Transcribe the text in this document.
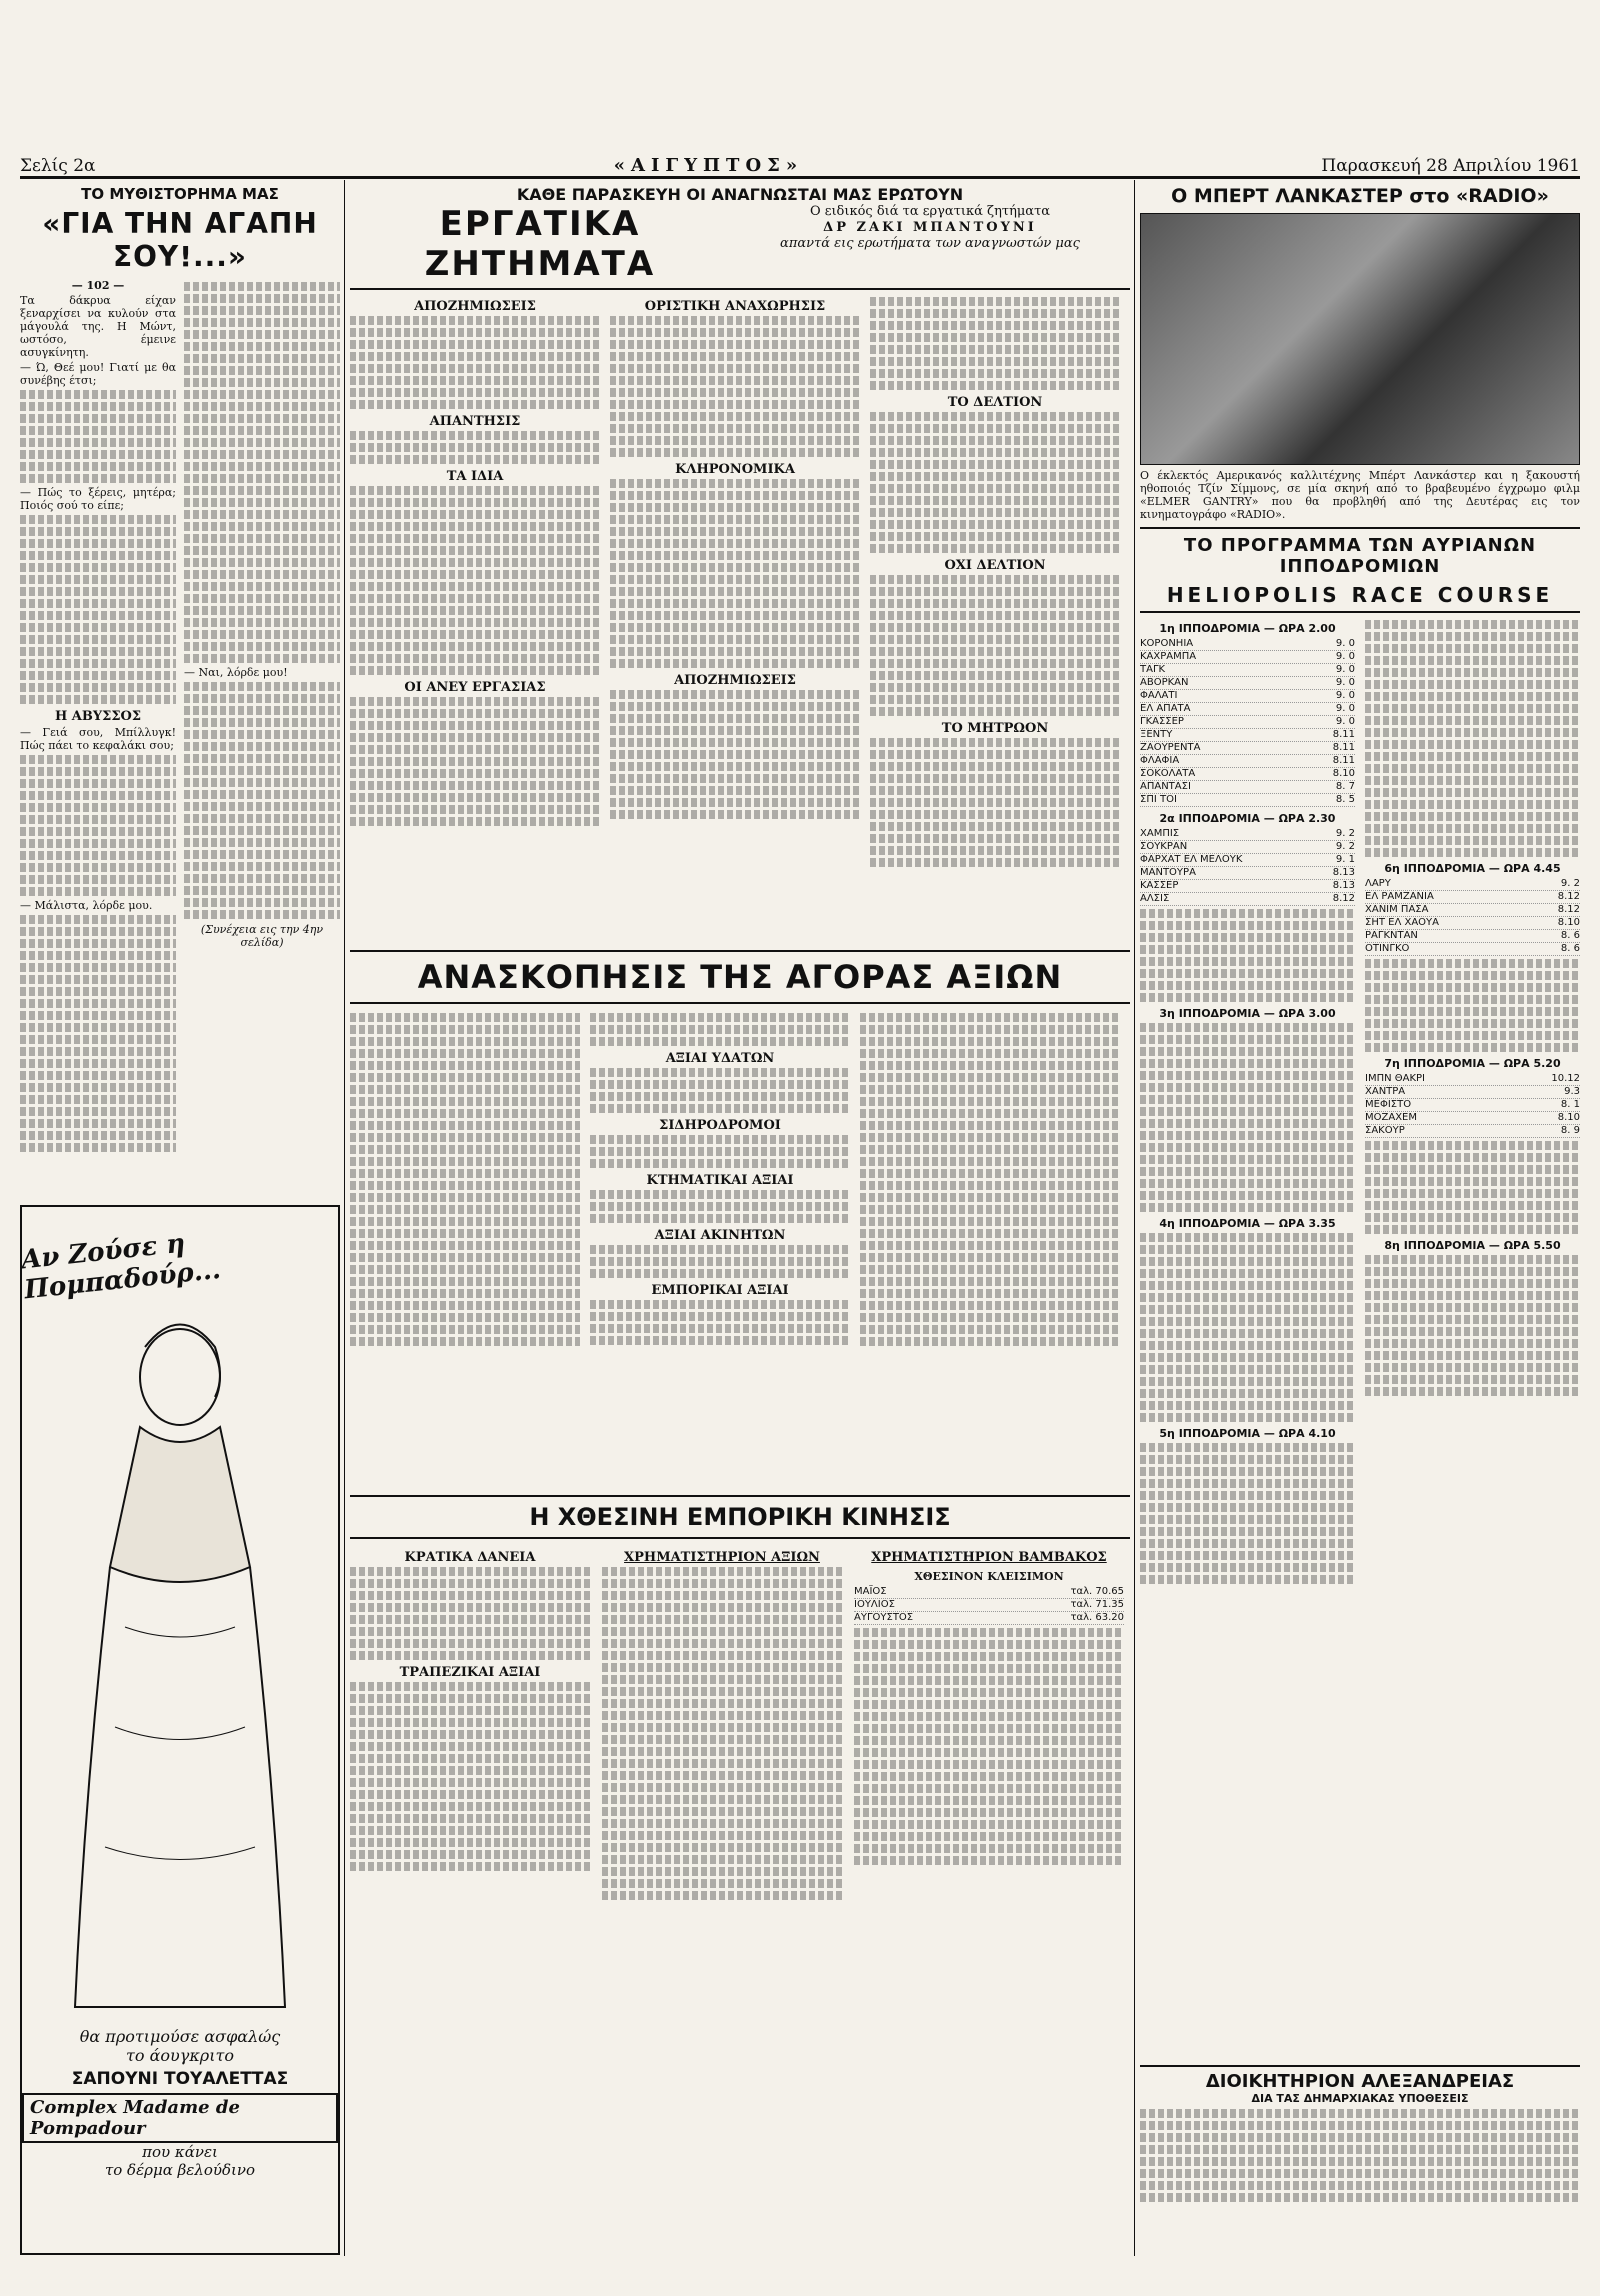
Σελίς 2α	«ΑΙΓΥΠΤΟΣ»	Παρασκευή 28 Απριλίου 1961
ΤΟ ΜΥΘΙΣΤΟΡΗΜΑ ΜΑΣ
«ΓΙΑ ΤΗΝ ΑΓΑΠΗ ΣΟΥ!...»
— 102 —

Τα δάκρυα είχαν ξεναρχίσει να κυλούν στα μάγουλά της. Η Μώντ, ωστόσο, έμεινε ασυγκίνητη.

— Ώ, Θεέ μου! Γιατί με θα συνέβης έτσι;

— Πώς το ξέρεις, μητέρα; Ποιός σού το είπε;

Η ΑΒΥΣΣΟΣ

— Γειά σου, Μπίλλυγκ! Πώς πάει το κεφαλάκι σου;

— Μάλιστα, λόρδε μου.

— Ναι, λόρδε μου!

(Συνέχεια εις την 4ην σελίδα)

Αν Ζούσε η Πομπαδούρ...
θα προτιμούσε ασφαλώς
το άουγκριτο
ΣΑΠΟΥΝΙ ΤΟΥΑΛΕΤΤΑΣ
Complex Madame de Pompadour
που κάνει
το δέρμα βελούδινο
ΚΑΘΕ ΠΑΡΑΣΚΕΥΗ ΟΙ ΑΝΑΓΝΩΣΤΑΙ ΜΑΣ ΕΡΩΤΟΥΝ
ΕΡΓΑΤΙΚΑ ΖΗΤΗΜΑΤΑ
Ο ειδικός διά τα εργατικά ζητήματα
ΔΡ ΖΑΚΙ ΜΠΑΝΤΟΥΝΙ
απαντά εις ερωτήματα των αναγνωστών μας
ΑΠΟΖΗΜΙΩΣΕΙΣ
ΑΠΑΝΤΗΣΙΣ
ΤΑ ΙΔΙΑ
ΟΙ ΑΝΕΥ ΕΡΓΑΣΙΑΣ
ΟΡΙΣΤΙΚΗ ΑΝΑΧΩΡΗΣΙΣ
ΚΛΗΡΟΝΟΜΙΚΑ
ΑΠΟΖΗΜΙΩΣΕΙΣ
ΤΟ ΔΕΛΤΙΟΝ
ΟΧΙ ΔΕΛΤΙΟΝ
ΤΟ ΜΗΤΡΩΟΝ
ΑΝΑΣΚΟΠΗΣΙΣ ΤΗΣ ΑΓΟΡΑΣ ΑΞΙΩΝ
ΑΞΙΑΙ ΥΔΑΤΩΝ
ΣΙΔΗΡΟΔΡΟΜΟΙ
ΚΤΗΜΑΤΙΚΑΙ ΑΞΙΑΙ
ΑΞΙΑΙ ΑΚΙΝΗΤΩΝ
ΕΜΠΟΡΙΚΑΙ ΑΞΙΑΙ
Η ΧΘΕΣΙΝΗ ΕΜΠΟΡΙΚΗ ΚΙΝΗΣΙΣ
ΚΡΑΤΙΚΑ ΔΑΝΕΙΑ
ΤΡΑΠΕΖΙΚΑΙ ΑΞΙΑΙ
ΧΡΗΜΑΤΙΣΤΗΡΙΟΝ ΑΞΙΩΝ	ΧΡΗΜΑΤΙΣΤΗΡΙΟΝ ΒΑΜΒΑΚΟΣ
ΧΘΕΣΙΝΟΝ ΚΛΕΙΣΙΜΟΝ
ΜΑΪΟΣ	ταλ. 70.65
ΙΟΥΛΙΟΣ	ταλ. 71.35
ΑΥΓΟΥΣΤΟΣ	ταλ. 63.20
Ο ΜΠΕΡΤ ΛΑΝΚΑΣΤΕΡ στο «RADIO»
Ο έκλεκτός Αμερικανός καλλιτέχνης Μπέρτ Λανκάστερ και η ξακουστή ηθοποιός Τζίν Σίμμονς, σε μία σκηνή από το βραβευμένο έγχρωμο φιλμ «ELMER GANTRY» που θα προβληθή από της Δευτέρας εις τον κινηματογράφο «RADIO».
ΤΟ ΠΡΟΓΡΑΜΜΑ ΤΩΝ ΑΥΡΙΑΝΩΝ ΙΠΠΟΔΡΟΜΙΩΝ
HELIOPOLIS RACE COURSE
1η ΙΠΠΟΔΡΟΜΙΑ — ΩΡΑ 2.00
ΚΟΡΟΝΗΙΑ	9. 0
ΚΑΧΡΑΜΠΑ	9. 0
ΤΑΓΚ	9. 0
ΑΒΟΡΚΑΝ	9. 0
ΦΑΛΑΤΙ	9. 0
ΕΛ ΑΠΑΤΑ	9. 0
ΓΚΑΣΣΕΡ	9. 0
ΞΕΝΤΥ	8.11
ΖΑΟΥΡΕΝΤΑ	8.11
ΦΛΑΦΙΑ	8.11
ΣΟΚΟΛΑΤΑ	8.10
ΑΠΑΝΤΑΣΙ	8. 7
ΣΠΙ ΤΟΙ	8. 5
2α ΙΠΠΟΔΡΟΜΙΑ — ΩΡΑ 2.30
ΧΑΜΠΙΣ	9. 2
ΣΟΥΚΡΑΝ	9. 2
ΦΑΡΧΑΤ ΕΛ ΜΕΛΟΥΚ	9. 1
ΜΑΝΤΟΥΡΑ	8.13
ΚΑΣΣΕΡ	8.13
ΑΛΣΙΣ	8.12
3η ΙΠΠΟΔΡΟΜΙΑ — ΩΡΑ 3.00
4η ΙΠΠΟΔΡΟΜΙΑ — ΩΡΑ 3.35
5η ΙΠΠΟΔΡΟΜΙΑ — ΩΡΑ 4.10
6η ΙΠΠΟΔΡΟΜΙΑ — ΩΡΑ 4.45
ΛΑΡΥ	9. 2
ΕΛ ΡΑΜΖΑΝΙΑ	8.12
ΧΑΝΙΜ ΠΑΣΑ	8.12
ΣΗΤ ΕΛ ΧΑΟΥΑ	8.10
ΡΑΓΚΝΤΑΝ	8. 6
ΟΤΙΝΓΚΟ	8. 6
7η ΙΠΠΟΔΡΟΜΙΑ — ΩΡΑ 5.20
ΙΜΠΝ ΘΑΚΡΙ	10.12
ΧΑΝΤΡΑ	9.3
ΜΕΦΙΣΤΟ	8. 1
ΜΟΖΑΧΕΜ	8.10
ΣΑΚΟΥΡ	8. 9
8η ΙΠΠΟΔΡΟΜΙΑ — ΩΡΑ 5.50
ΔΙΟΙΚΗΤΗΡΙΟΝ ΑΛΕΞΑΝΔΡΕΙΑΣ
ΔΙΑ ΤΑΣ ΔΗΜΑΡΧΙΑΚΑΣ ΥΠΟΘΕΣΕΙΣ
